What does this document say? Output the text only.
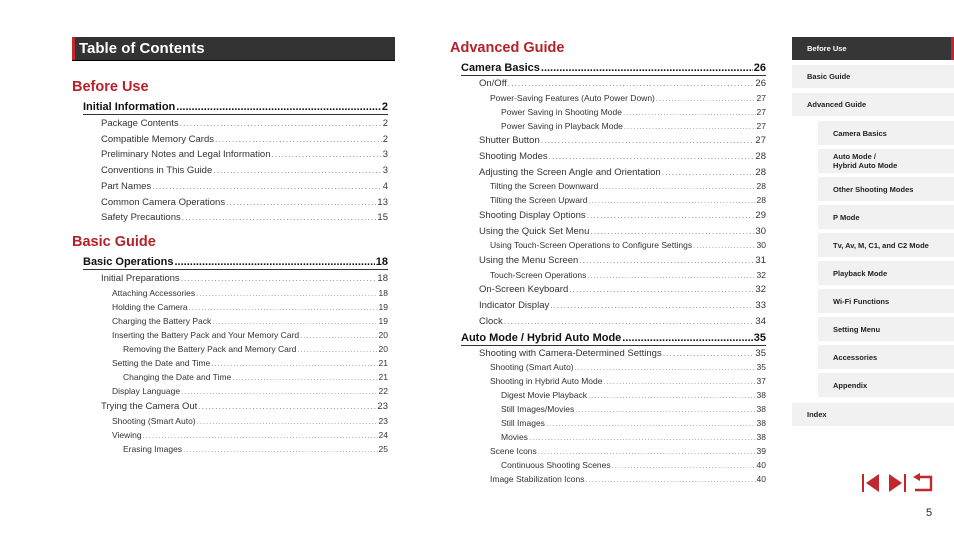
Table of Contents
Before Use
Initial Information .....	2
Package Contents .....	2
Compatible Memory Cards .....	2
Preliminary Notes and Legal Information .....	3
Conventions in This Guide .....	3
Part Names .....	4
Common Camera Operations .....	13
Safety Precautions .....	15
Basic Guide
Basic Operations .....	18
Initial Preparations .....	18
Attaching Accessories .....	18
Holding the Camera .....	19
Charging the Battery Pack .....	19
Inserting the Battery Pack and Your Memory Card .....	20
Removing the Battery Pack and Memory Card .....	20
Setting the Date and Time .....	21
Changing the Date and Time .....	21
Display Language .....	22
Trying the Camera Out .....	23
Shooting (Smart Auto) .....	23
Viewing .....	24
Erasing Images .....	25
Advanced Guide
Camera Basics .....	26
On/Off .....	26
Power-Saving Features (Auto Power Down) .....	27
Power Saving in Shooting Mode .....	27
Power Saving in Playback Mode .....	27
Shutter Button .....	27
Shooting Modes .....	28
Adjusting the Screen Angle and Orientation .....	28
Tilting the Screen Downward .....	28
Tilting the Screen Upward .....	28
Shooting Display Options .....	29
Using the Quick Set Menu .....	30
Using Touch-Screen Operations to Configure Settings .....	30
Using the Menu Screen .....	31
Touch-Screen Operations .....	32
On-Screen Keyboard .....	32
Indicator Display .....	33
Clock .....	34
Auto Mode / Hybrid Auto Mode .....	35
Shooting with Camera-Determined Settings .....	35
Shooting (Smart Auto) .....	35
Shooting in Hybrid Auto Mode .....	37
Digest Movie Playback .....	38
Still Images/Movies .....	38
Still Images .....	38
Movies .....	38
Scene Icons .....	39
Continuous Shooting Scenes .....	40
Image Stabilization Icons .....	40
Before Use
Basic Guide
Advanced Guide
Camera Basics
Auto Mode /
Hybrid Auto Mode
Other Shooting Modes
P Mode
Tv, Av, M, C1, and C2 Mode
Playback Mode
Wi-Fi Functions
Setting Menu
Accessories
Appendix
Index
5
